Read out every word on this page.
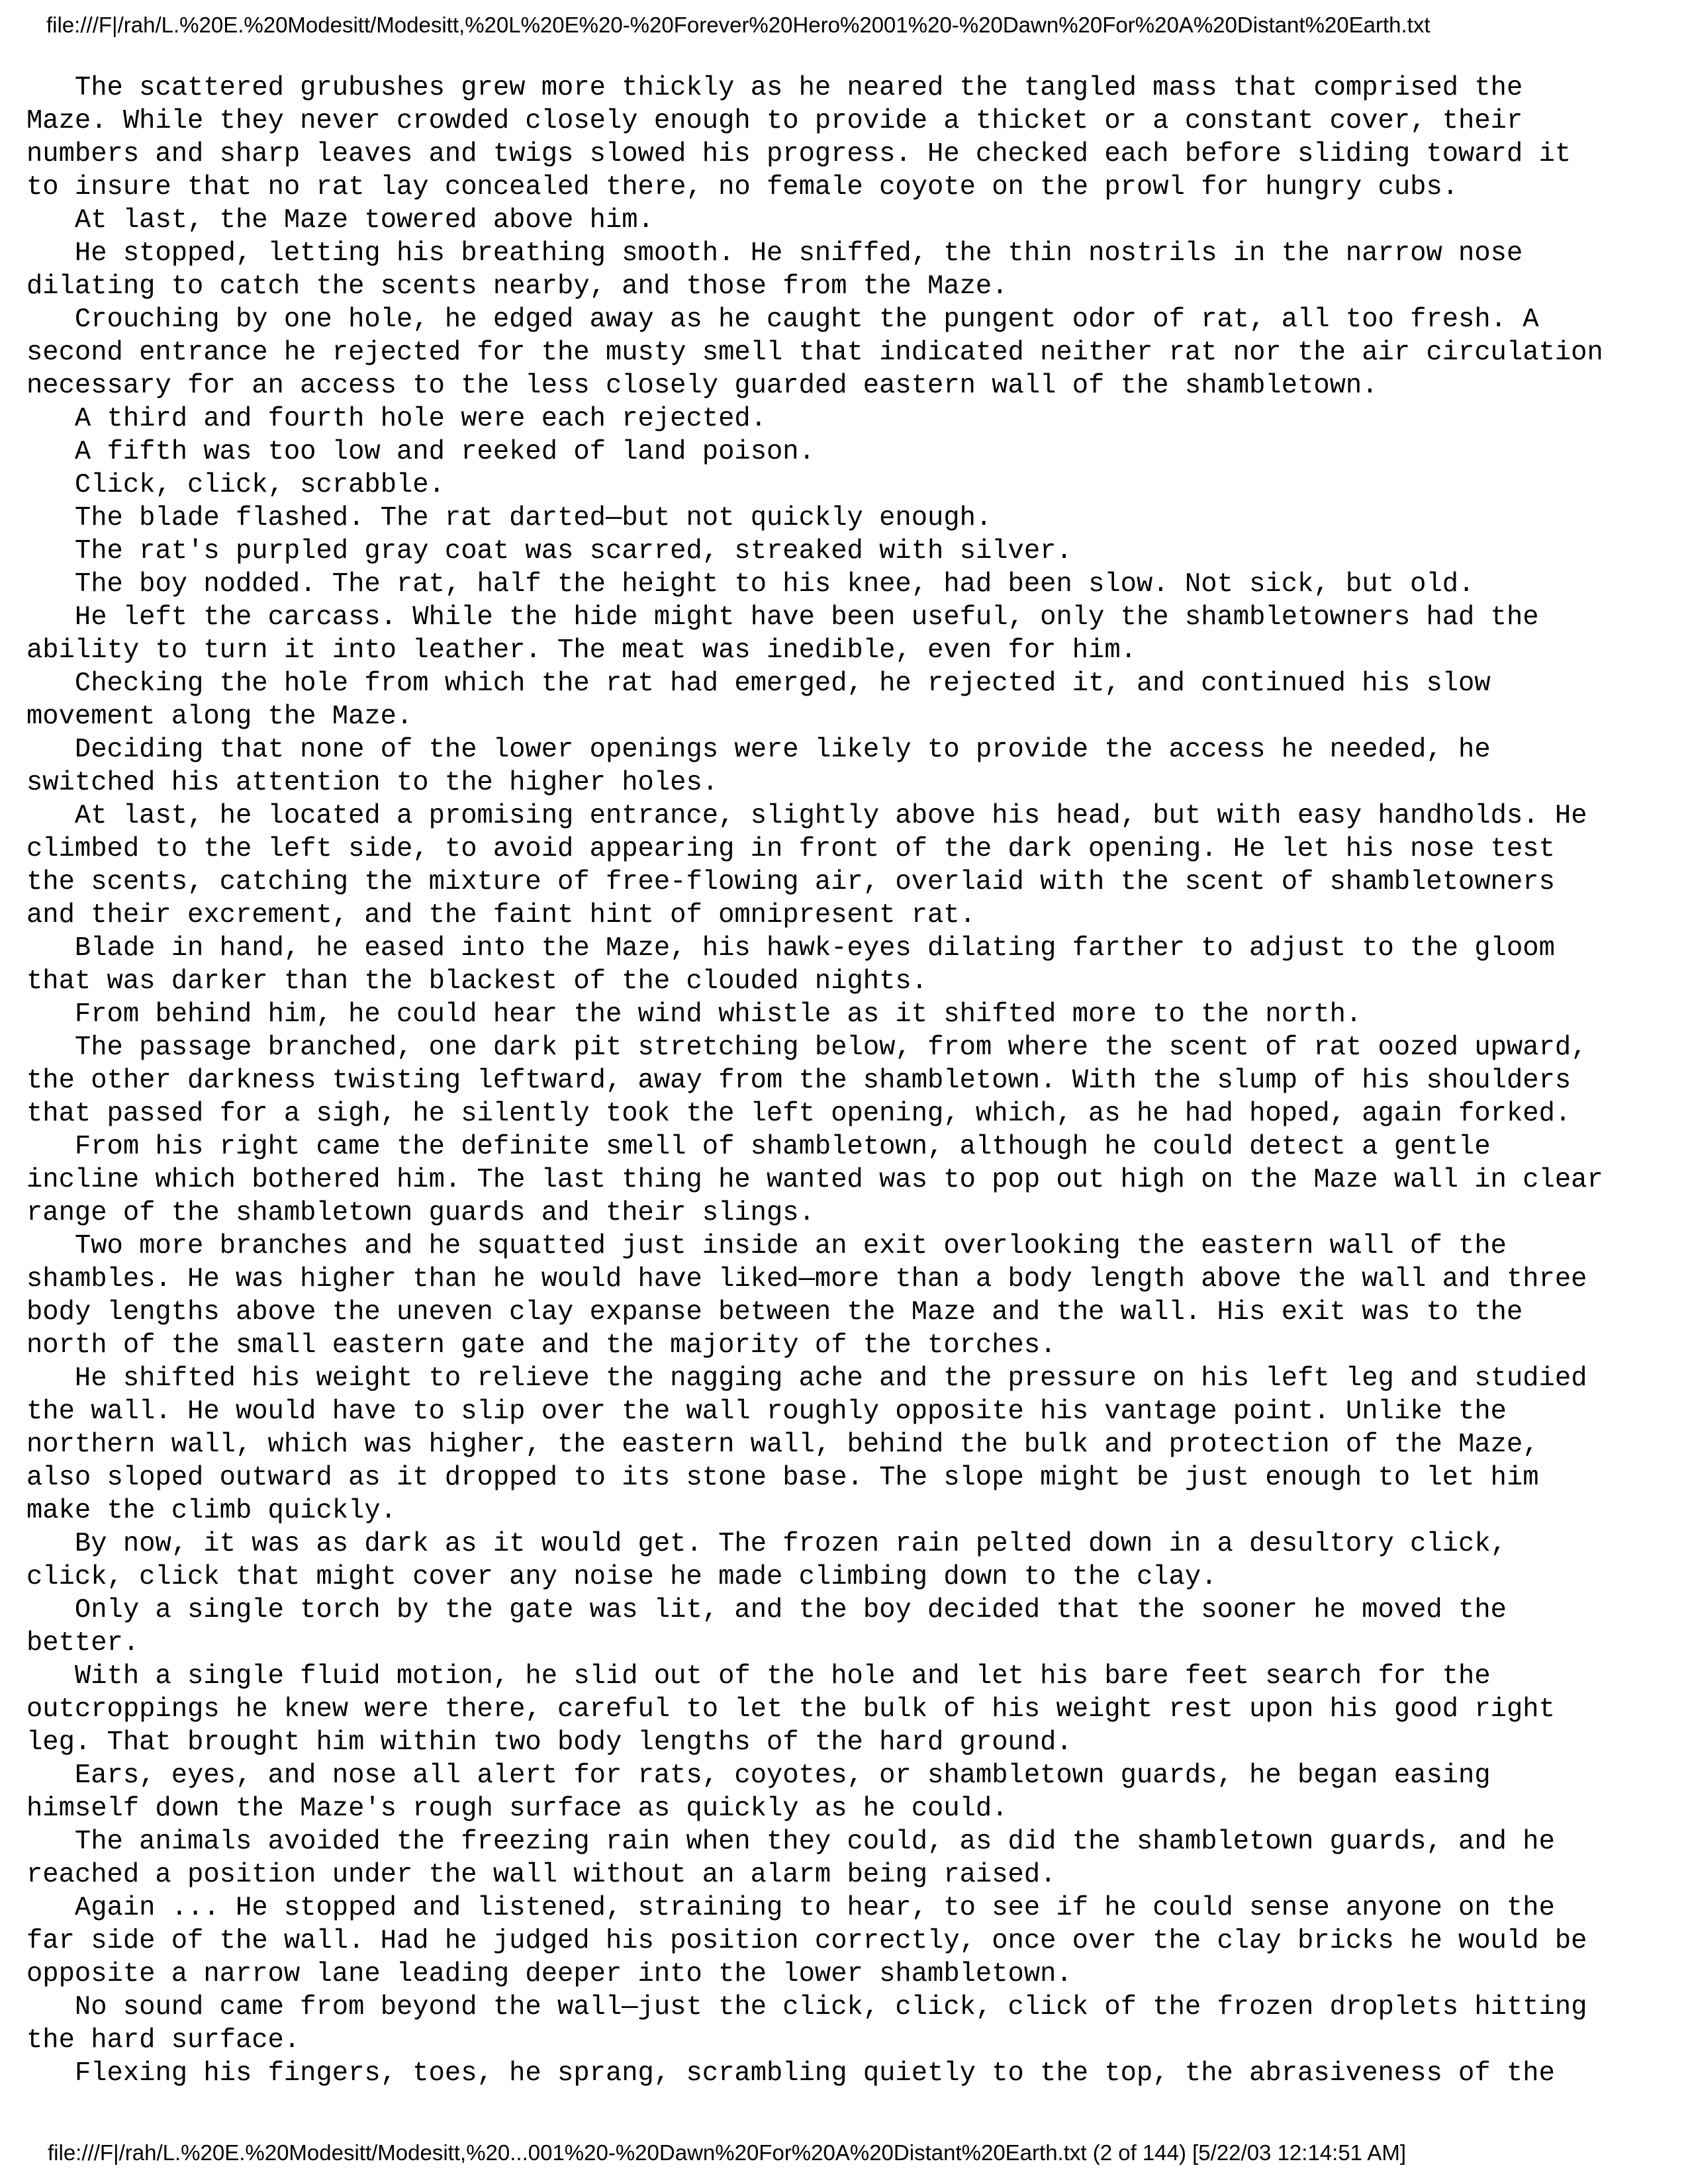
file:///F|/rah/L.%20E.%20Modesitt/Modesitt,%20L%20E%20-%20Forever%20Hero%2001%20-%20Dawn%20For%20A%20Distant%20Earth.txt

The scattered grubushes grew more thickly as he neared the tangled mass that comprised the
Maze. While they never crowded closely enough to provide a thicket or a constant cover, their
numbers and sharp leaves and twigs slowed his progress. He checked each before sliding toward it
to insure that no rat lay concealed there, no female coyote on the prowl for hungry cubs.

At last, the Maze towered above him.

He stopped, letting his breathing smooth. He sniffed, the thin nostrils in the narrow nose
dilating to catch the scents nearby, and those from the Maze.

Crouching by one hole, he edged away as he caught the pungent odor of rat, all too fresh. A
second entrance he rejected for the musty smell that indicated neither rat nor the air circulation
necessary for an access to the less closely guarded eastern wall of the shambletown.

A third and fourth hole were each rejected.

A fifth was too low and reeked of land poison.

Click, click, scrabble.

The blade flashed. The rat darted—but not quickly enough.

The rat's purpled gray coat was scarred, streaked with silver.

The boy nodded. The rat, half the height to his knee, had been slow. Not sick, but old.

He left the carcass. While the hide might have been useful, only the shambletowners had the
ability to turn it into leather. The meat was inedible, even for him.

Checking the hole from which the rat had emerged, he rejected it, and continued his slow
movement along the Maze.

Deciding that none of the lower openings were likely to provide the access he needed, he
switched his attention to the higher holes.

At last, he located a promising entrance, slightly above his head, but with easy handholds. He
climbed to the left side, to avoid appearing in front of the dark opening. He let his nose test
the scents, catching the mixture of free-flowing air, overlaid with the scent of shambletowners
and their excrement, and the faint hint of omnipresent rat.

Blade in hand, he eased into the Maze, his hawk-eyes dilating farther to adjust to the gloom
that was darker than the blackest of the clouded nights.

From behind him, he could hear the wind whistle as it shifted more to the north.

The passage branched, one dark pit stretching below, from where the scent of rat oozed upward,
the other darkness twisting leftward, away from the shambletown. With the slump of his shoulders
that passed for a sigh, he silently took the left opening, which, as he had hoped, again forked.

From his right came the definite smell of shambletown, although he could detect a gentle
incline which bothered him. The last thing he wanted was to pop out high on the Maze wall in clear
range of the shambletown guards and their slings.

Two more branches and he squatted just inside an exit overlooking the eastern wall of the
shambles. He was higher than he would have liked—more than a body length above the wall and three
body lengths above the uneven clay expanse between the Maze and the wall. His exit was to the
north of the small eastern gate and the majority of the torches.

He shifted his weight to relieve the nagging ache and the pressure on his left leg and studied
the wall. He would have to slip over the wall roughly opposite his vantage point. Unlike the
northern wall, which was higher, the eastern wall, behind the bulk and protection of the Maze,
also sloped outward as it dropped to its stone base. The slope might be just enough to let him
make the climb quickly.

By now, it was as dark as it would get. The frozen rain pelted down in a desultory click,
click, click that might cover any noise he made climbing down to the clay.

Only a single torch by the gate was lit, and the boy decided that the sooner he moved the
better.

With a single fluid motion, he slid out of the hole and let his bare feet search for the
outcroppings he knew were there, careful to let the bulk of his weight rest upon his good right
leg. That brought him within two body lengths of the hard ground.

Ears, eyes, and nose all alert for rats, coyotes, or shambletown guards, he began easing
himself down the Maze's rough surface as quickly as he could.

The animals avoided the freezing rain when they could, as did the shambletown guards, and he
reached a position under the wall without an alarm being raised.

Again ... He stopped and listened, straining to hear, to see if he could sense anyone on the
far side of the wall. Had he judged his position correctly, once over the clay bricks he would be
opposite a narrow lane leading deeper into the lower shambletown.

No sound came from beyond the wall—just the click, click, click of the frozen droplets hitting
the hard surface.

Flexing his fingers, toes, he sprang, scrambling quietly to the top, the abrasiveness of the

file:///F|/rah/L.%20E.%20Modesitt/Modesitt,%20...001%20-%20Dawn%20For%20A%20Distant%20Earth.txt (2 of 144) [5/22/03 12:14:51 AM]
